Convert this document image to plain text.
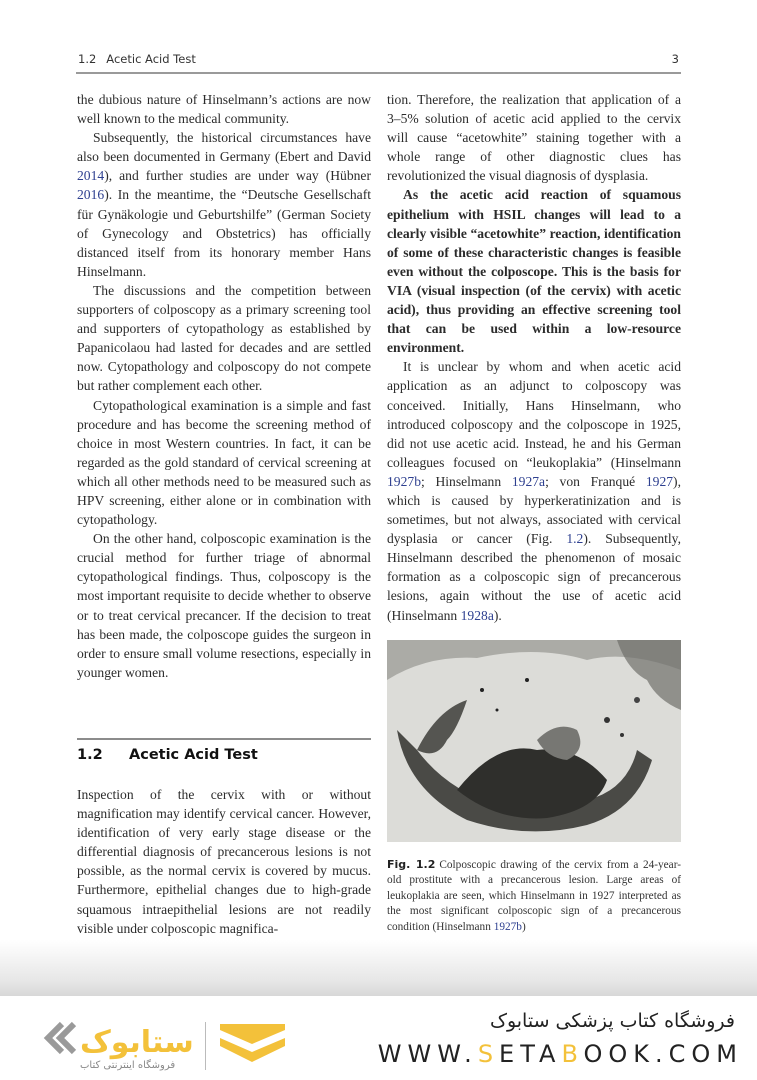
1.2 Acetic Acid Test	3

the dubious nature of Hinselmann’s actions are now well known to the medical community.

Subsequently, the historical circumstances have also been documented in Germany (Ebert and David 2014), and further studies are under way (Hübner 2016). In the meantime, the “Deutsche Gesellschaft für Gynäkologie und Geburtshilfe” (German Society of Gynecology and Obstetrics) has officially distanced itself from its honorary member Hans Hinselmann.

The discussions and the competition between supporters of colposcopy as a primary screening tool and supporters of cytopathology as established by Papanicolaou had lasted for decades and are settled now. Cytopathology and colposcopy do not compete but rather complement each other.

Cytopathological examination is a simple and fast procedure and has become the screening method of choice in most Western countries. In fact, it can be regarded as the gold standard of cervical screening at which all other methods need to be measured such as HPV screening, either alone or in combination with cytopathology.

On the other hand, colposcopic examination is the crucial method for further triage of abnormal cytopathological findings. Thus, colposcopy is the most important requisite to decide whether to observe or to treat cervical precancer. If the decision to treat has been made, the colposcope guides the surgeon in order to ensure small volume resections, especially in younger women.

1.2 Acetic Acid Test
Inspection of the cervix with or without magnification may identify cervical cancer. However, identification of very early stage disease or the differential diagnosis of precancerous lesions is not possible, as the normal cervix is covered by mucus. Furthermore, epithelial changes due to high-grade squamous intraepithelial lesions are not readily visible under colposcopic magnifica-

tion. Therefore, the realization that application of a 3–5% solution of acetic acid applied to the cervix will cause “acetowhite” staining together with a whole range of other diagnostic clues has revolutionized the visual diagnosis of dysplasia.

As the acetic acid reaction of squamous epithelium with HSIL changes will lead to a clearly visible “acetowhite” reaction, identification of some of these characteristic changes is feasible even without the colposcope. This is the basis for VIA (visual inspection (of the cervix) with acetic acid), thus providing an effective screening tool that can be used within a low-resource environment.

It is unclear by whom and when acetic acid application as an adjunct to colposcopy was conceived. Initially, Hans Hinselmann, who introduced colposcopy and the colposcope in 1925, did not use acetic acid. Instead, he and his German colleagues focused on “leukoplakia” (Hinselmann 1927b; Hinselmann 1927a; von Franqué 1927), which is caused by hyperkeratinization and is sometimes, but not always, associated with cervical dysplasia or cancer (Fig. 1.2). Subsequently, Hinselmann described the phenomenon of mosaic formation as a colposcopic sign of precancerous lesions, again without the use of acetic acid (Hinselmann 1928a).

Fig. 1.2 Colposcopic drawing of the cervix from a 24-year-old prostitute with a precancerous lesion. Large areas of leukoplakia are seen, which Hinselmann in 1927 interpreted as the most significant colposcopic sign of a precancerous condition (Hinselmann 1927b)
ستابوک
فروشگاه اینترنتی کتاب
فروشگاه کتاب پزشکی ستابوک
WWW.SETABOOK.COM
